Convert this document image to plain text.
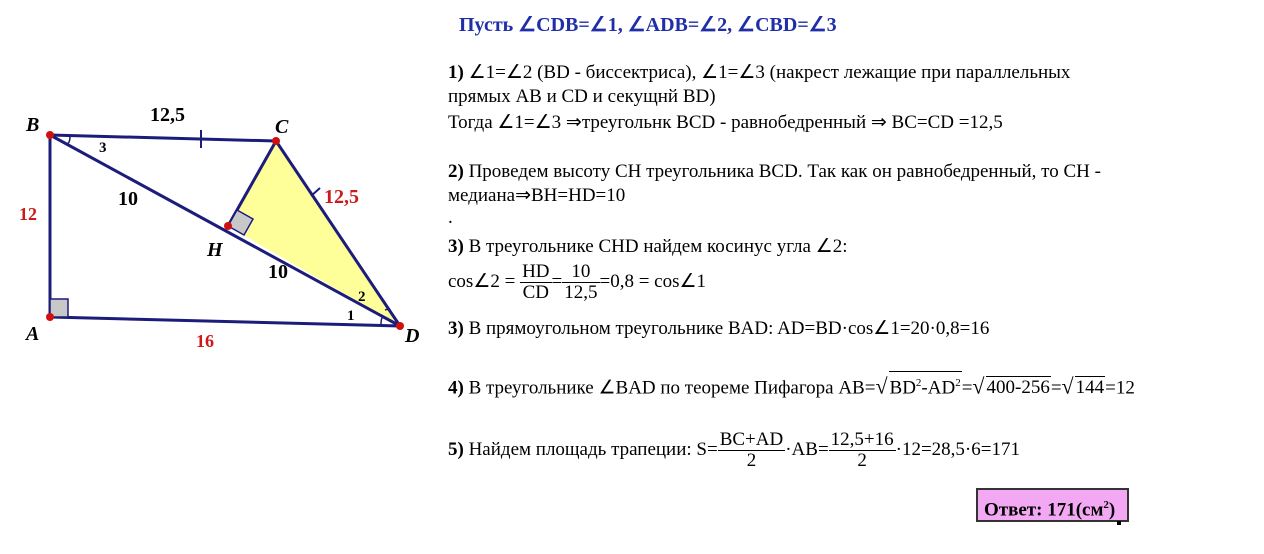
B	C
A	D
H
12,5
12,5
12
16
10
10
3
2
1
Пусть ∠CDB=∠1, ∠ADB=∠2, ∠CBD=∠3
1) ∠1=∠2 (BD - биссектриса), ∠1=∠3 (накрест лежащие при параллельных
прямых AB и CD и секущнй BD)
Тогда ∠1=∠3 ⇒треугольнк BCD - равнобедренный ⇒ BC=CD =12,5
2) Проведем высоту CH треугольника BCD. Так как он равнобедренный, то CH -
медиана⇒BH=HD=10
.
3) В треугольнике CHD найдем косинус угла ∠2:
cos∠2 = $\frac{HD}{CD} = \frac{10}{12,5} =0,8$ = cos∠1
3) В прямоугольном треугольнике BAD: AD=BD·cos∠1=20·0,8=16
4) В треугольнике ∠BAD по теореме Пифагора AB=√ $BD^2-AD^2=√$ 400-256=√ 144=12
5) Найдем площадь трапеции: $S= \frac{BC+AD}{2} \cdot AB= \frac{12,5+16}{2} \cdot 12=28,5\cdot 6=171$
Ответ: $171(см^2)$
